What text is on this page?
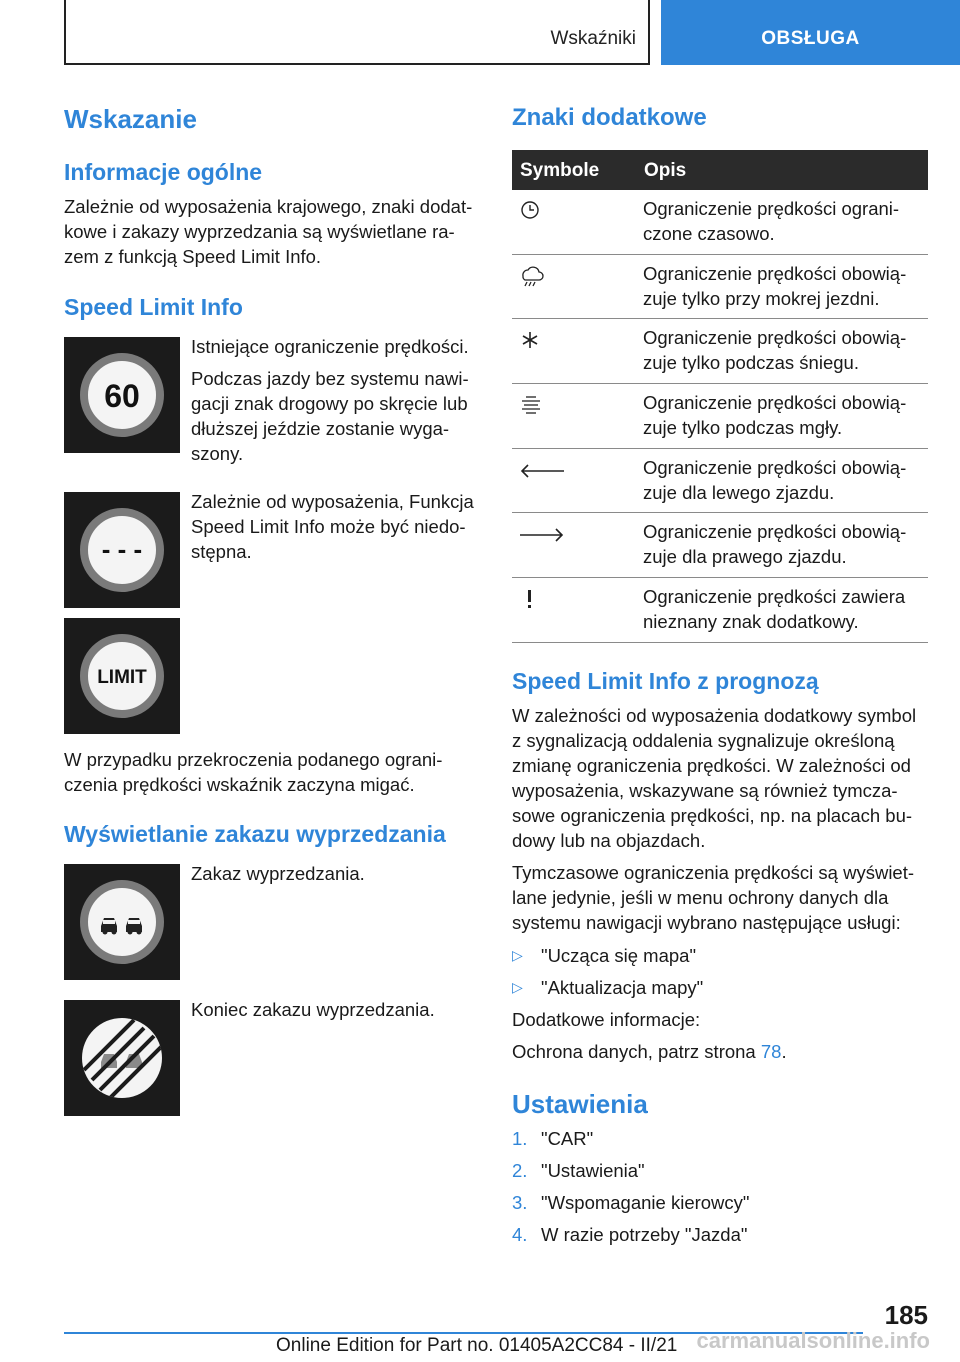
Wskaźniki	OBSŁUGA
Wskazanie
Informacje ogólne
Zależnie od wyposażenia krajowego, znaki dodat-
kowe i zakazy wyprzedzania są wyświetlane ra-
zem z funkcją Speed Limit Info.
Speed Limit Info
60
Istniejące ograniczenie prędkości.
Podczas jazdy bez systemu nawi-
gacji znak drogowy po skręcie lub
dłuższej jeździe zostanie wyga-
szony.
- - -
Zależnie od wyposażenia, Funkcja
Speed Limit Info może być niedo-
stępna.
LIMIT
W przypadku przekroczenia podanego ograni-
czenia prędkości wskaźnik zaczyna migać.
Wyświetlanie zakazu wyprzedzania
Zakaz wyprzedzania.
Koniec zakazu wyprzedzania.
Znaki dodatkowe
Symbole Opis
Ograniczenie prędkości ograni-
czone czasowo.
Ograniczenie prędkości obowią-
zuje tylko przy mokrej jezdni.
Ograniczenie prędkości obowią-
zuje tylko podczas śniegu.
Ograniczenie prędkości obowią-
zuje tylko podczas mgły.
Ograniczenie prędkości obowią-
zuje dla lewego zjazdu.
Ograniczenie prędkości obowią-
zuje dla prawego zjazdu.
Ograniczenie prędkości zawiera
nieznany znak dodatkowy.
Speed Limit Info z prognozą
W zależności od wyposażenia dodatkowy symbol
z sygnalizacją oddalenia sygnalizuje określoną
zmianę ograniczenia prędkości. W zależności od
wyposażenia, wskazywane są również tymcza-
sowe ograniczenia prędkości, np. na placach bu-
dowy lub na objazdach.
Tymczasowe ograniczenia prędkości są wyświet-
lane jedynie, jeśli w menu ochrony danych dla
systemu nawigacji wybrano następujące usługi:
▷ "Ucząca się mapa"
▷ "Aktualizacja mapy"
Dodatkowe informacje:
Ochrona danych, patrz strona 78.
Ustawienia
1. "CAR"
2. "Ustawienia"
3. "Wspomaganie kierowcy"
4. W razie potrzeby "Jazda"
185
Online Edition for Part no. 01405A2CC84 - II/21 carmanualsonline.info
